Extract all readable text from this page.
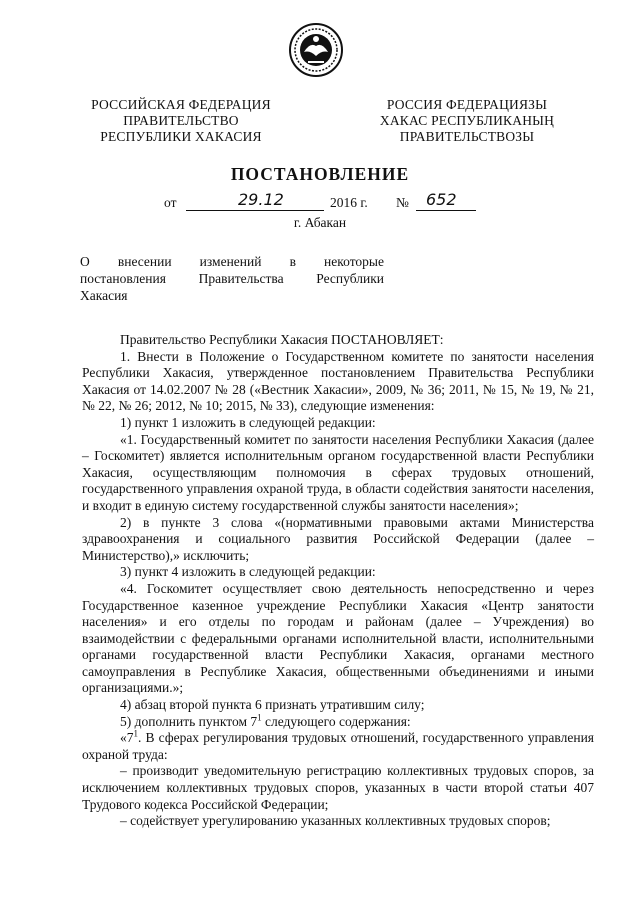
РОССИЙСКАЯ ФЕДЕРАЦИЯ
ПРАВИТЕЛЬСТВО
РЕСПУБЛИКИ ХАКАСИЯ
РОССИЯ ФЕДЕРАЦИЯЗЫ
ХАКАС РЕСПУБЛИКАНЫҢ
ПРАВИТЕЛЬСТВОЗЫ
ПОСТАНОВЛЕНИЕ
от	29.12	2016 г. № 652
г. Абакан
О внесении изменений в некоторые
постановления Правительства Республики
Хакасия

Правительство Республики Хакасия ПОСТАНОВЛЯЕТ:

1. Внести в Положение о Государственном комитете по занятости населения Республики Хакасия, утвержденное постановлением Правительства Республики Хакасия от 14.02.2007 № 28 («Вестник Хакасии», 2009, № 36; 2011, № 15, № 19, № 21, № 22, № 26; 2012, № 10; 2015, № 33), следующие изменения:

1) пункт 1 изложить в следующей редакции:

«1. Государственный комитет по занятости населения Республики Хакасия (далее – Госкомитет) является исполнительным органом государственной власти Республики Хакасия, осуществляющим полномочия в сферах трудовых отношений, государственного управления охраной труда, в области содействия занятости населения, и входит в единую систему государственной службы занятости населения»;

2) в пункте 3 слова «(нормативными правовыми актами Министерства здравоохранения и социального развития Российской Федерации (далее – Министерство),» исключить;

3) пункт 4 изложить в следующей редакции:

«4. Госкомитет осуществляет свою деятельность непосредственно и через Государственное казенное учреждение Республики Хакасия «Центр занятости населения» и его отделы по городам и районам (далее – Учреждения) во взаимодействии с федеральными органами исполнительной власти, исполнительными органами государственной власти Республики Хакасия, органами местного самоуправления в Республике Хакасия, общественными объединениями и иными организациями.»;

4) абзац второй пункта 6 признать утратившим силу;

5) дополнить пунктом $7^1$ следующего содержания:

«$7^1$. В сферах регулирования трудовых отношений, государственного управления охраной труда:

– производит уведомительную регистрацию коллективных трудовых споров, за исключением коллективных трудовых споров, указанных в части второй статьи 407 Трудового кодекса Российской Федерации;

– содействует урегулированию указанных коллективных трудовых споров;
